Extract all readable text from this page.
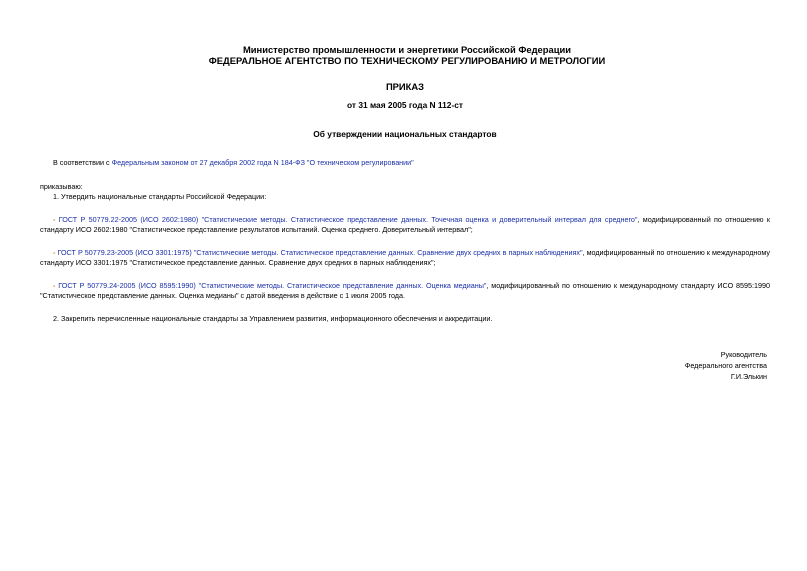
Министерство промышленности и энергетики Российской Федерации
ФЕДЕРАЛЬНОЕ АГЕНТСТВО ПО ТЕХНИЧЕСКОМУ РЕГУЛИРОВАНИЮ И МЕТРОЛОГИИ
ПРИКАЗ
от 31 мая 2005 года N 112-ст
Об утверждении национальных стандартов

В соответствии с Федеральным законом от 27 декабря 2002 года N 184-ФЗ "О техническом регулировании"

приказываю:

1. Утвердить национальные стандарты Российской Федерации:

- ГОСТ Р 50779.22-2005 (ИСО 2602:1980) "Статистические методы. Статистическое представление данных. Точечная оценка и доверительный интервал для среднего", модифицированный по отношению к стандарту ИСО 2602:1980 "Статистическое представление результатов испытаний. Оценка среднего. Доверительный интервал";

- ГОСТ Р 50779.23-2005 (ИСО 3301:1975) "Статистические методы. Статистическое представление данных. Сравнение двух средних в парных наблюдениях", модифицированный по отношению к международному стандарту ИСО 3301:1975 "Статистическое представление данных. Сравнение двух средних в парных наблюдениях";

- ГОСТ Р 50779.24-2005 (ИСО 8595:1990) "Статистические методы. Статистическое представление данных. Оценка медианы", модифицированный по отношению к международному стандарту ИСО 8595:1990 "Статистическое представление данных. Оценка медианы" с датой введения в действие с 1 июля 2005 года.

2. Закрепить перечисленные национальные стандарты за Управлением развития, информационного обеспечения и аккредитации.

Руководитель
Федерального агентства
Г.И.Элькин
